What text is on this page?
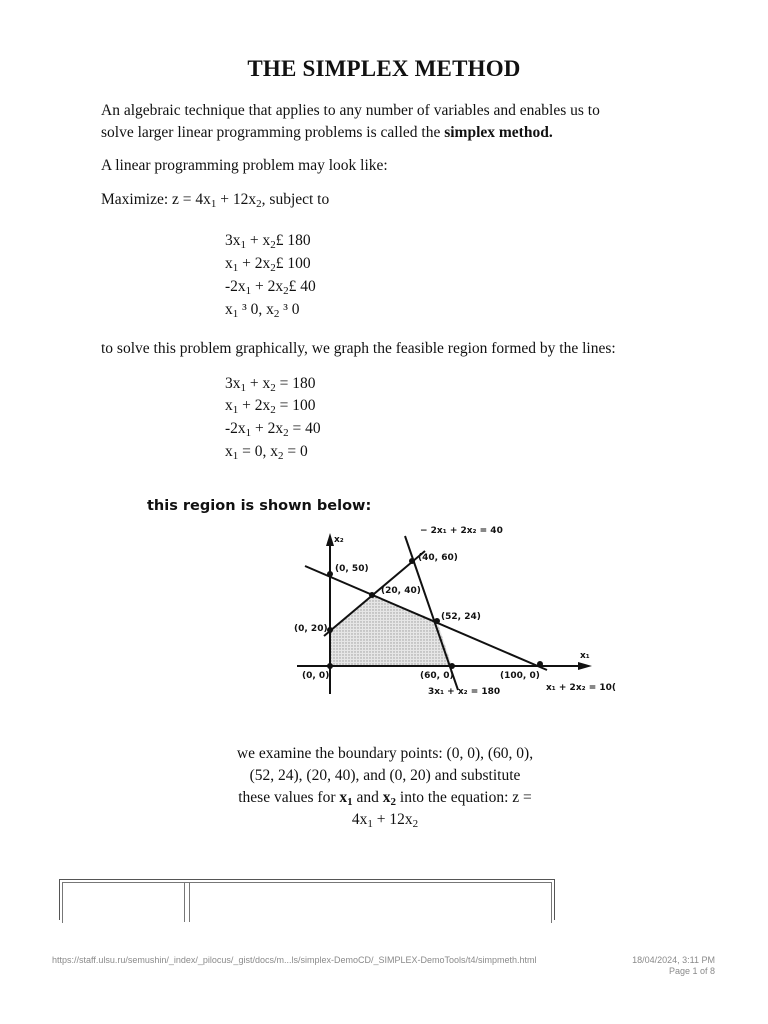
THE SIMPLEX METHOD
An algebraic technique that applies to any number of variables and enables us to
solve larger linear programming problems is called the simplex method.
A linear programming problem may look like:
Maximize: $z = 4x_1 + 12x_2$, subject to
$3x_1$ + $x_2£$ 180
$x_1$ + $2x_2£$ 100
$-2x_1$ + $2x_2£$ 40
$x_1$ ³ 0, $x_2$ ³ 0
to solve this problem graphically, we graph the feasible region formed by the lines:
$3x_1 + x_2 = 180$
$x_1 + 2x_2 = 100$
$-2x_1 + 2x_2 = 40$
$x_1 = 0$, $x_2 = 0$
this region is shown below:
x₂
x₁
− 2x₁ + 2x₂ = 40
3x₁ + x₂ = 180	x₁ + 2x₂ = 10(
(0, 50)
(40, 60)
(20, 40)
(52, 24)
(0, 20)
(0, 0)	(60, 0)	(100, 0)
we examine the boundary points: (0, 0), (60, 0),
(52, 24), (20, 40), and (0, 20) and substitute
these values for $x_1$ and $x_2$ into the equation: z =
$4x_1 + 12x_2$
https://staff.ulsu.ru/semushin/_index/_pilocus/_gist/docs/m...ls/simplex-DemoCD/_SIMPLEX-DemoTools/t4/simpmeth.html	18/04/2024, 3:11 PM
Page 1 of 8
